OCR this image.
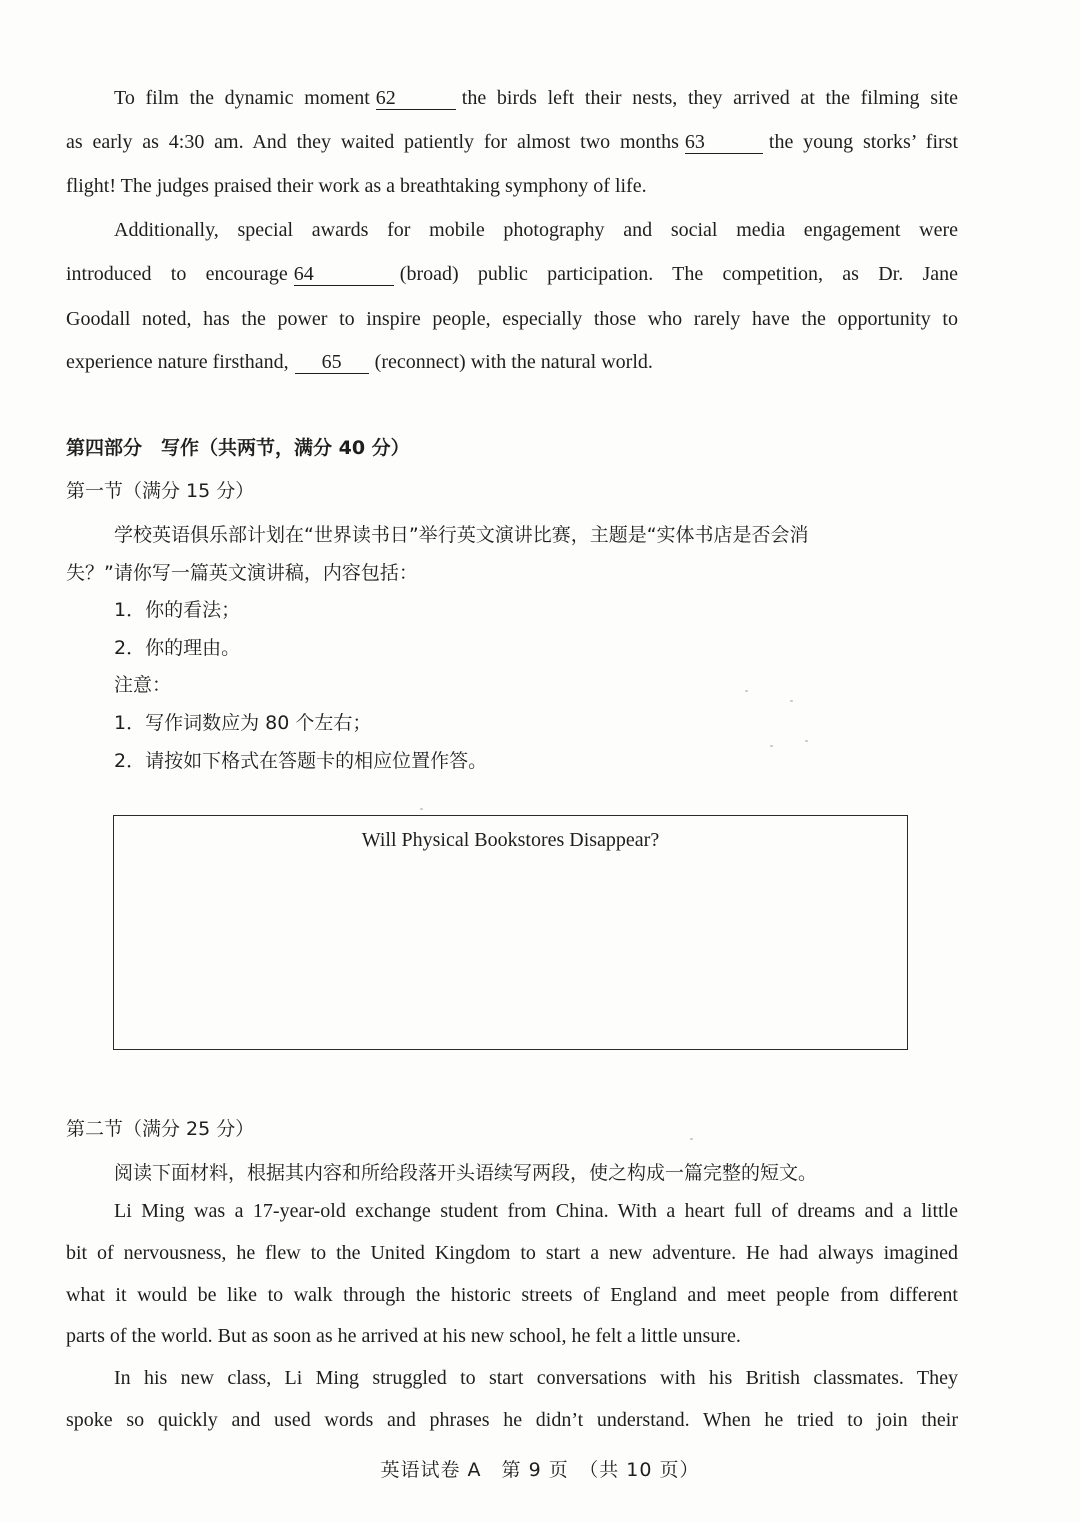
To film the dynamic moment 62	the birds left their nests, they arrived at the filming site
as early as 4:30 am. And they waited patiently for almost two months 63	the young storks’ first
flight! The judges praised their work as a breathtaking symphony of life.
Additionally, special awards for mobile photography and social media engagement were
introduced to encourage 64	(broad) public participation. The competition, as Dr. Jane
Goodall noted, has the power to inspire people, especially those who rarely have the opportunity to
experience nature firsthand, 65 (reconnect) with the natural world.
第四部分　写作（共两节，满分 40 分）
第一节（满分 15 分）
学校英语俱乐部计划在“世界读书日”举行英文演讲比赛，主题是“实体书店是否会消
失？”请你写一篇英文演讲稿，内容包括：
1．你的看法；
2．你的理由。
注意：
1．写作词数应为 80 个左右；
2．请按如下格式在答题卡的相应位置作答。
Will Physical Bookstores Disappear?
第二节（满分 25 分）
阅读下面材料，根据其内容和所给段落开头语续写两段，使之构成一篇完整的短文。
Li Ming was a 17-year-old exchange student from China. With a heart full of dreams and a little
bit of nervousness, he flew to the United Kingdom to start a new adventure. He had always imagined
what it would be like to walk through the historic streets of England and meet people from different
parts of the world. But as soon as he arrived at his new school, he felt a little unsure.
In his new class, Li Ming struggled to start conversations with his British classmates. They
spoke so quickly and used words and phrases he didn’t understand. When he tried to join their
英语试卷 A　第 9 页　（共 10 页）
